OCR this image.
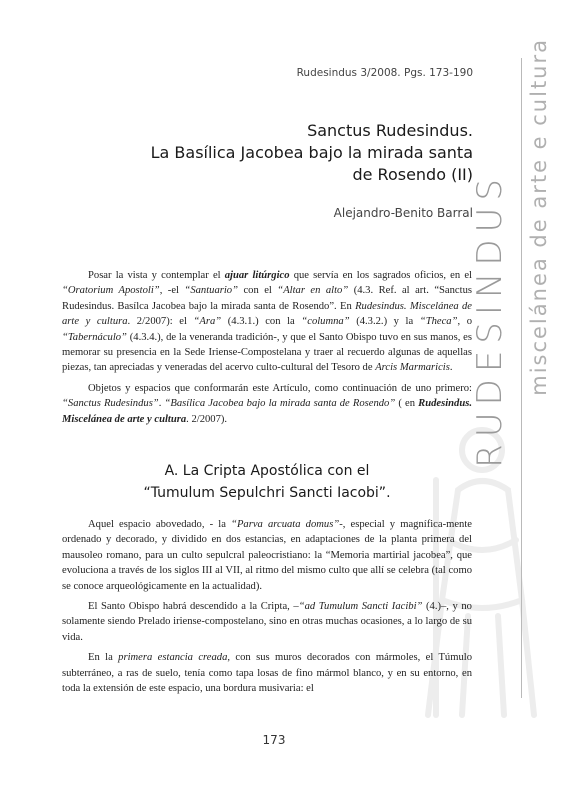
RUDESINDUS miscelánea de arte e cultura
Rudesindus 3/2008. Pgs. 173-190
Sanctus Rudesindus.
La Basílica Jacobea bajo la mirada santa
de Rosendo (II)
Alejandro-Benito Barral

Posar la vista y contemplar el ajuar litúrgico que servía en los sagrados oficios, en el “Oratorium Apostoli”, -el “Santuario” con el “Altar en alto” (4.3. Ref. al art. “Sanctus Rudesindus. Basílca Jacobea bajo la mirada santa de Rosendo”. En Rudesindus. Miscelánea de arte y cultura. 2/2007): el “Ara” (4.3.1.) con la “columna” (4.3.2.) y la “Theca”, o “Tabernáculo” (4.3.4.), de la veneranda tradición-, y que el Santo Obispo tuvo en sus manos, es memorar su presencia en la Sede Iriense-Compostelana y traer al recuerdo algunas de aquellas piezas, tan apreciadas y veneradas del acervo culto-cultural del Tesoro de Arcis Marmaricis.

Objetos y espacios que conformarán este Artículo, como continuación de uno primero: “Sanctus Rudesindus”. “Basílica Jacobea bajo la mirada santa de Rosendo” ( en Rudesindus. Miscelánea de arte y cultura. 2/2007).

A. La Cripta Apostólica con el
“Tumulum Sepulchri Sancti Iacobi”.

Aquel espacio abovedado, - la “Parva arcuata domus”-, especial y magnífica-mente ordenado y decorado, y dividido en dos estancias, en adaptaciones de la planta primera del mausoleo romano, para un culto sepulcral paleocristiano: la “Memoria martirial jacobea”, que evoluciona a través de los siglos III al VII, al ritmo del mismo culto que allí se celebra (tal como se conoce arqueológicamente en la actualidad).

El Santo Obispo habrá descendido a la Cripta, –“ad Tumulum Sancti Iacibi” (4.)–, y no solamente siendo Prelado iriense-compostelano, sino en otras muchas ocasiones, a lo largo de su vida.

En la primera estancia creada, con sus muros decorados con mármoles, el Túmulo subterráneo, a ras de suelo, tenía como tapa losas de fino mármol blanco, y en su entorno, en toda la extensión de este espacio, una bordura musivaria: el

173
